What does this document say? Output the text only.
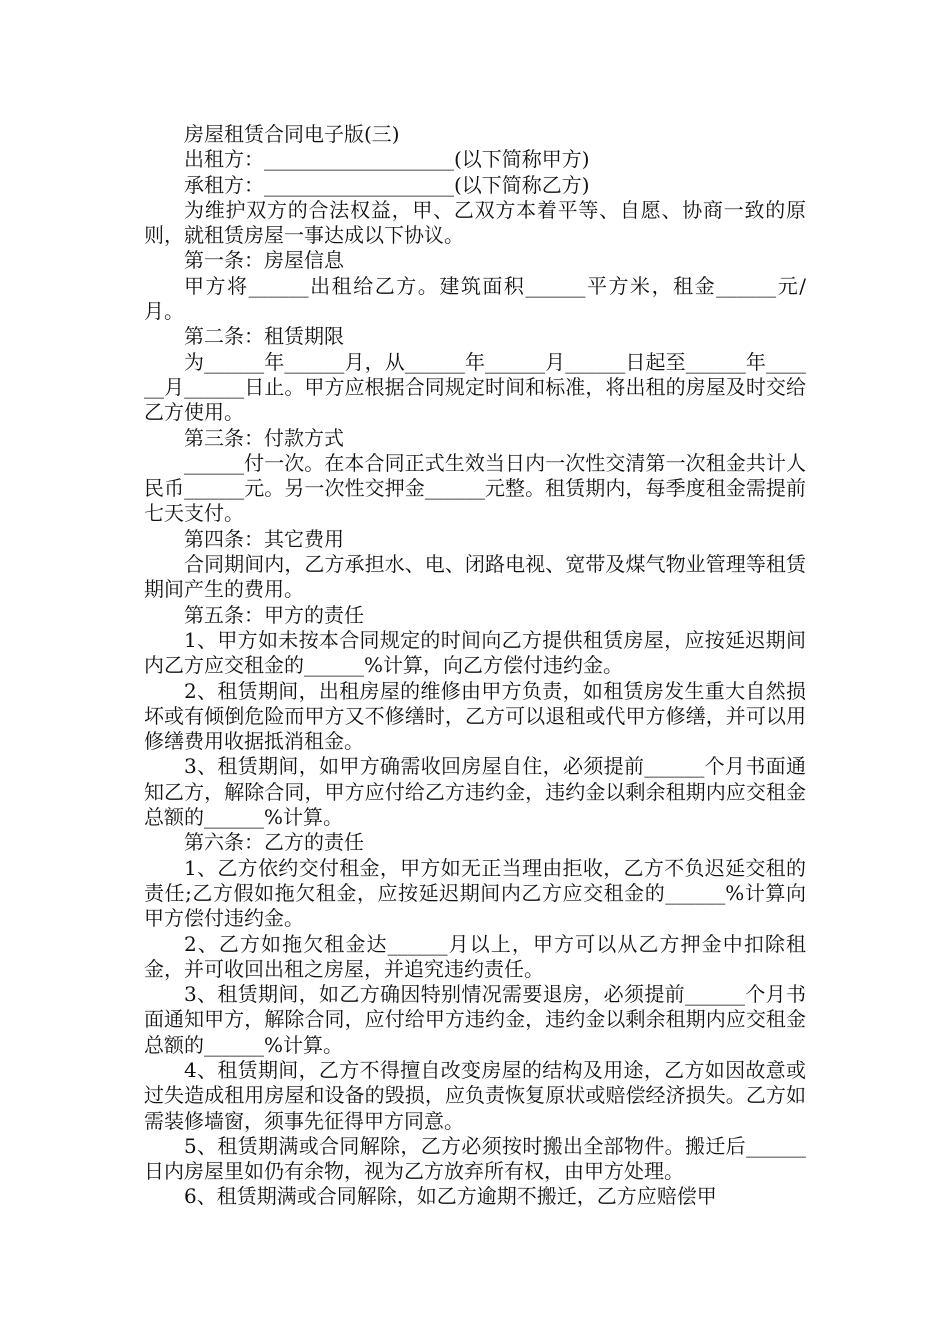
房屋租赁合同电子版(三)

出租方：___________________(以下简称甲方)

承租方：___________________(以下简称乙方)

为维护双方的合法权益，甲、乙双方本着平等、自愿、协商一致的原则，就租赁房屋一事达成以下协议。

第一条：房屋信息

甲方将______出租给乙方。建筑面积______平方米，租金______元/月。

第二条：租赁期限

为______年______月，从______年______月______日起至______年______月______日止。甲方应根据合同规定时间和标准，将出租的房屋及时交给乙方使用。

第三条：付款方式

______付一次。在本合同正式生效当日内一次性交清第一次租金共计人民币______元。另一次性交押金______元整。租赁期内，每季度租金需提前七天支付。

第四条：其它费用

合同期间内，乙方承担水、电、闭路电视、宽带及煤气物业管理等租赁期间产生的费用。

第五条：甲方的责任

1、甲方如未按本合同规定的时间向乙方提供租赁房屋，应按延迟期间内乙方应交租金的______%计算，向乙方偿付违约金。

2、租赁期间，出租房屋的维修由甲方负责，如租赁房发生重大自然损坏或有倾倒危险而甲方又不修缮时，乙方可以退租或代甲方修缮，并可以用修缮费用收据抵消租金。

3、租赁期间，如甲方确需收回房屋自住，必须提前______个月书面通知乙方，解除合同，甲方应付给乙方违约金，违约金以剩余租期内应交租金总额的______%计算。

第六条：乙方的责任

1、乙方依约交付租金，甲方如无正当理由拒收，乙方不负迟延交租的责任;乙方假如拖欠租金，应按延迟期间内乙方应交租金的______%计算向甲方偿付违约金。

2、乙方如拖欠租金达______月以上，甲方可以从乙方押金中扣除租金，并可收回出租之房屋，并追究违约责任。

3、租赁期间，如乙方确因特别情况需要退房，必须提前______个月书面通知甲方，解除合同，应付给甲方违约金，违约金以剩余租期内应交租金总额的______%计算。

4、租赁期间，乙方不得擅自改变房屋的结构及用途，乙方如因故意或过失造成租用房屋和设备的毁损，应负责恢复原状或赔偿经济损失。乙方如需装修墙窗，须事先征得甲方同意。

5、租赁期满或合同解除，乙方必须按时搬出全部物件。搬迁后______日内房屋里如仍有余物，视为乙方放弃所有权，由甲方处理。

6、租赁期满或合同解除，如乙方逾期不搬迁，乙方应赔偿甲
